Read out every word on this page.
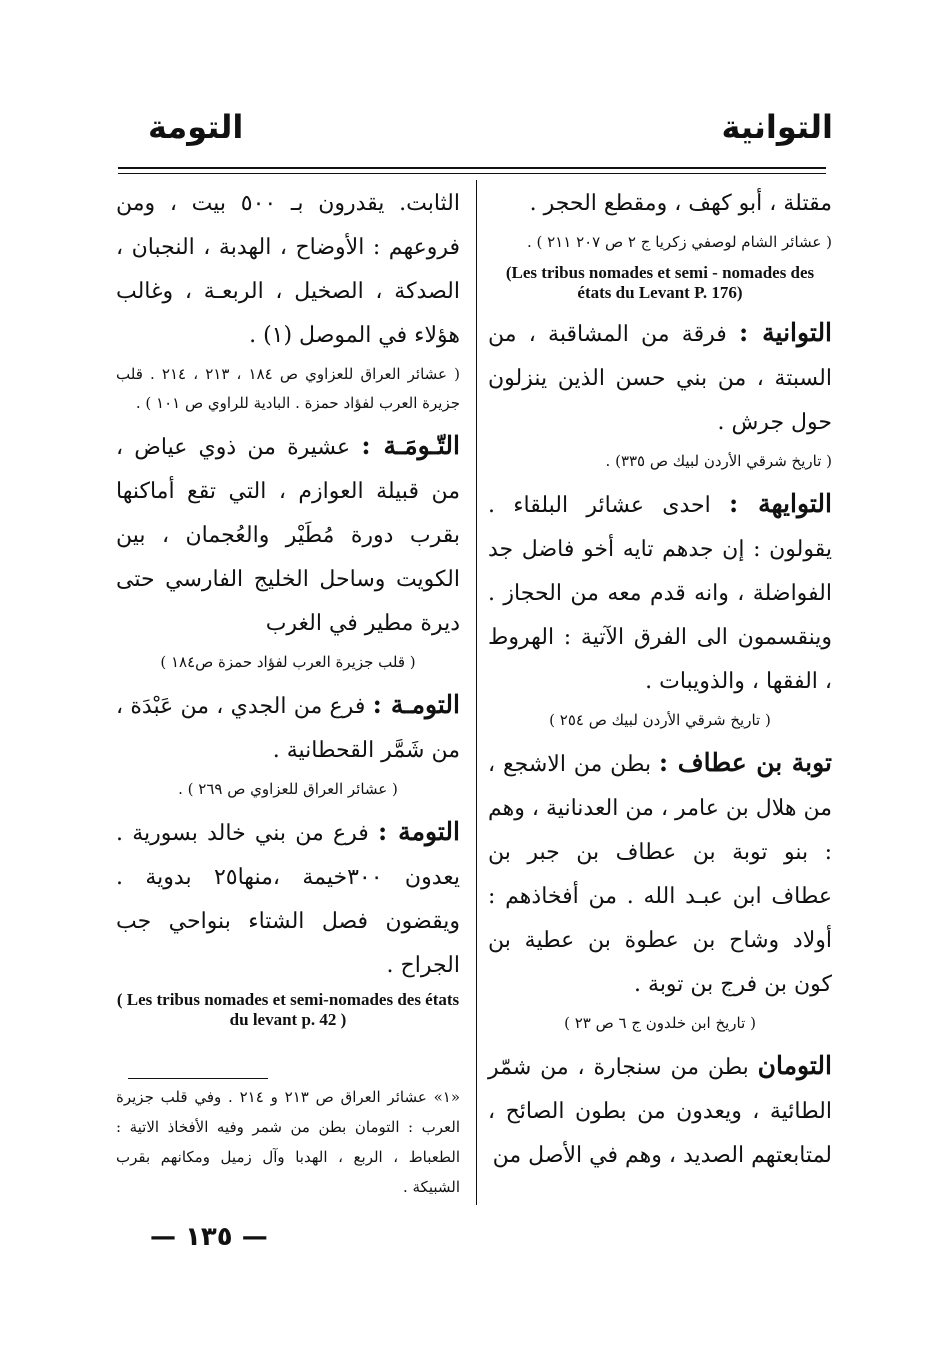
التوانية
التومة

مقتلة ، أبو كهف ، ومقطع الحجر .

( عشائر الشام لوصفي زكريا ج ٢ ص ٢٠٧ ٢١١ ) .

(Les tribus nomades et semi - nomades des états du Levant P. 176)

التوانية : فرقة من المشاقبة ، من السبتة ، من بني حسن الذين ينزلون حول جرش .

( تاريخ شرقي الأردن لبيك ص ٣٣٥) .

التوايهة : احدى عشائر البلقاء . يقولون : إن جدهم تايه أخو فاضل جد الفواضلة ، وانه قدم معه من الحجاز . وينقسمون الى الفرق الآتية : الهروط ، الفقها ، والذويبات .

( تاريخ شرقي الأردن لبيك ص ٢٥٤ )

توبة بن عطاف : بطن من الاشجع ، من هلال بن عامر ، من العدنانية ، وهم : بنو توبة بن عطاف بن جبر بن عطاف ابن عبـد الله . من أفخاذهم : أولاد وشاح بن عطوة بن عطية بن كون بن فرج بن توبة .

( تاريخ ابن خلدون ج ٦ ص ٢٣ )

التومان بطن من سنجارة ، من شمّر الطائية ، ويعدون من بطون الصائح ، لمتابعتهم الصديد ، وهم في الأصل من

الثابت. يقدرون بـ ٥٠٠ بيت ، ومن فروعهم : الأوضاح ، الهدبة ، النجبان ، الصدكة ، الصخيل ، الربعـة ، وغالب هؤلاء في الموصل (١) .

( عشائر العراق للعزاوي ص ١٨٤ ، ٢١٣ ، ٢١٤ . قلب جزيرة العرب لفؤاد حمزة . البادية للراوي ص ١٠١ ) .

التّـومَـة : عشيرة من ذوي عياض ، من قبيلة العوازم ، التي تقع أماكنها بقرب دورة مُطَيْر والعُجمان ، بين الكويت وساحل الخليج الفارسي حتى ديرة مطير في الغرب

( قلب جزيرة العرب لفؤاد حمزة ص١٨٤ )

التومـة : فرع من الجدي ، من عَبْدَة ، من شَمَّر القحطانية .

( عشائر العراق للعزاوي ص ٢٦٩ ) .

التومة : فرع من بني خالد بسورية . يعدون ٣٠٠خيمة ،منها٢٥ بدوية . ويقضون فصل الشتاء بنواحي جب الجراح .

( Les tribus nomades et semi-nomades des états du levant p. 42 )

«١» عشائر العراق ص ٢١٣ و ٢١٤ . وفي قلب جزيرة العرب : التومان بطن من شمر وفيه الأفخاذ الاتية : الطعباط ، الربع ، الهدبا وآل زميل ومكانهم بقرب الشبيكة .
— ١٣٥ —
